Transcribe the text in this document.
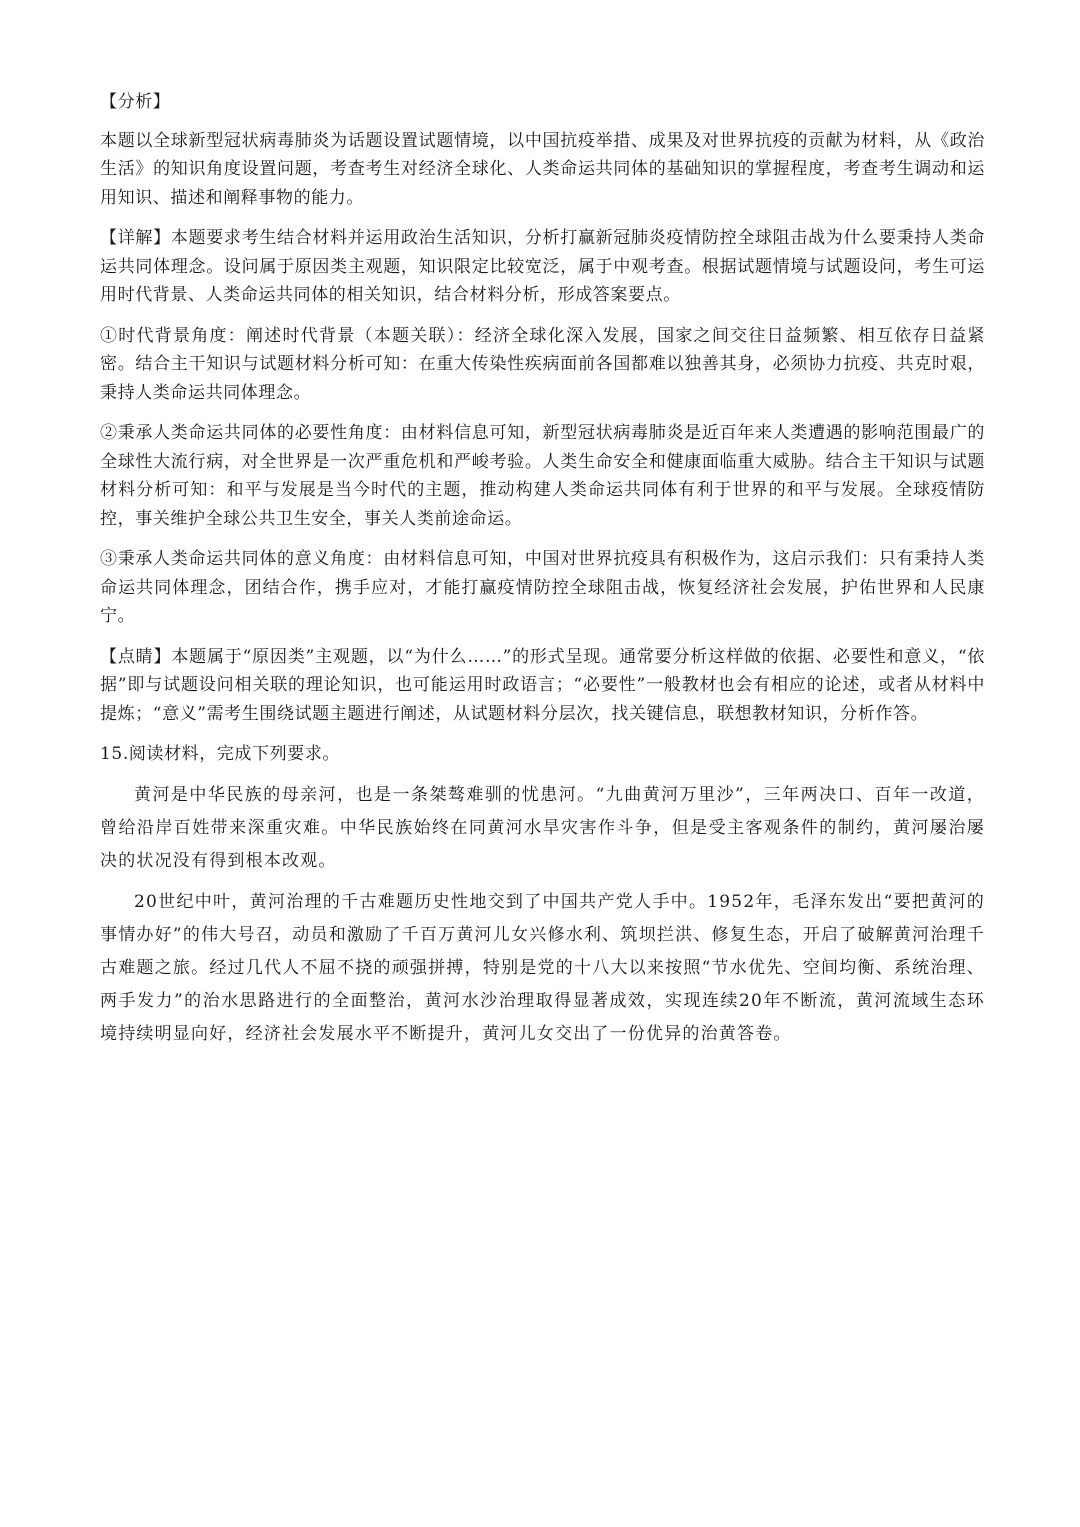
【分析】
本题以全球新型冠状病毒肺炎为话题设置试题情境，以中国抗疫举措、成果及对世界抗疫的贡献为材料，从《政治生活》的知识角度设置问题，考查考生对经济全球化、人类命运共同体的基础知识的掌握程度，考查考生调动和运用知识、描述和阐释事物的能力。
【详解】本题要求考生结合材料并运用政治生活知识，分析打赢新冠肺炎疫情防控全球阻击战为什么要秉持人类命运共同体理念。设问属于原因类主观题，知识限定比较宽泛，属于中观考查。根据试题情境与试题设问，考生可运用时代背景、人类命运共同体的相关知识，结合材料分析，形成答案要点。
①时代背景角度：阐述时代背景（本题关联）：经济全球化深入发展，国家之间交往日益频繁、相互依存日益紧密。结合主干知识与试题材料分析可知：在重大传染性疾病面前各国都难以独善其身，必须协力抗疫、共克时艰，秉持人类命运共同体理念。
②秉承人类命运共同体的必要性角度：由材料信息可知，新型冠状病毒肺炎是近百年来人类遭遇的影响范围最广的全球性大流行病，对全世界是一次严重危机和严峻考验。人类生命安全和健康面临重大威胁。结合主干知识与试题材料分析可知：和平与发展是当今时代的主题，推动构建人类命运共同体有利于世界的和平与发展。全球疫情防控，事关维护全球公共卫生安全，事关人类前途命运。
③秉承人类命运共同体的意义角度：由材料信息可知，中国对世界抗疫具有积极作为，这启示我们：只有秉持人类命运共同体理念，团结合作，携手应对，才能打赢疫情防控全球阻击战，恢复经济社会发展，护佑世界和人民康宁。
【点睛】本题属于“原因类”主观题，以“为什么……”的形式呈现。通常要分析这样做的依据、必要性和意义，“依据”即与试题设问相关联的理论知识，也可能运用时政语言；“必要性”一般教材也会有相应的论述，或者从材料中提炼；“意义”需考生围绕试题主题进行阐述，从试题材料分层次，找关键信息，联想教材知识，分析作答。
15.阅读材料，完成下列要求。
黄河是中华民族的母亲河，也是一条桀骜难驯的忧患河。“九曲黄河万里沙”，三年两决口、百年一改道，曾给沿岸百姓带来深重灾难。中华民族始终在同黄河水旱灾害作斗争，但是受主客观条件的制约，黄河屡治屡决的状况没有得到根本改观。
20世纪中叶，黄河治理的千古难题历史性地交到了中国共产党人手中。1952年，毛泽东发出“要把黄河的事情办好”的伟大号召，动员和激励了千百万黄河儿女兴修水利、筑坝拦洪、修复生态，开启了破解黄河治理千古难题之旅。经过几代人不屈不挠的顽强拼搏，特别是党的十八大以来按照“节水优先、空间均衡、系统治理、两手发力”的治水思路进行的全面整治，黄河水沙治理取得显著成效，实现连续20年不断流，黄河流域生态环境持续明显向好，经济社会发展水平不断提升，黄河儿女交出了一份优异的治黄答卷。
